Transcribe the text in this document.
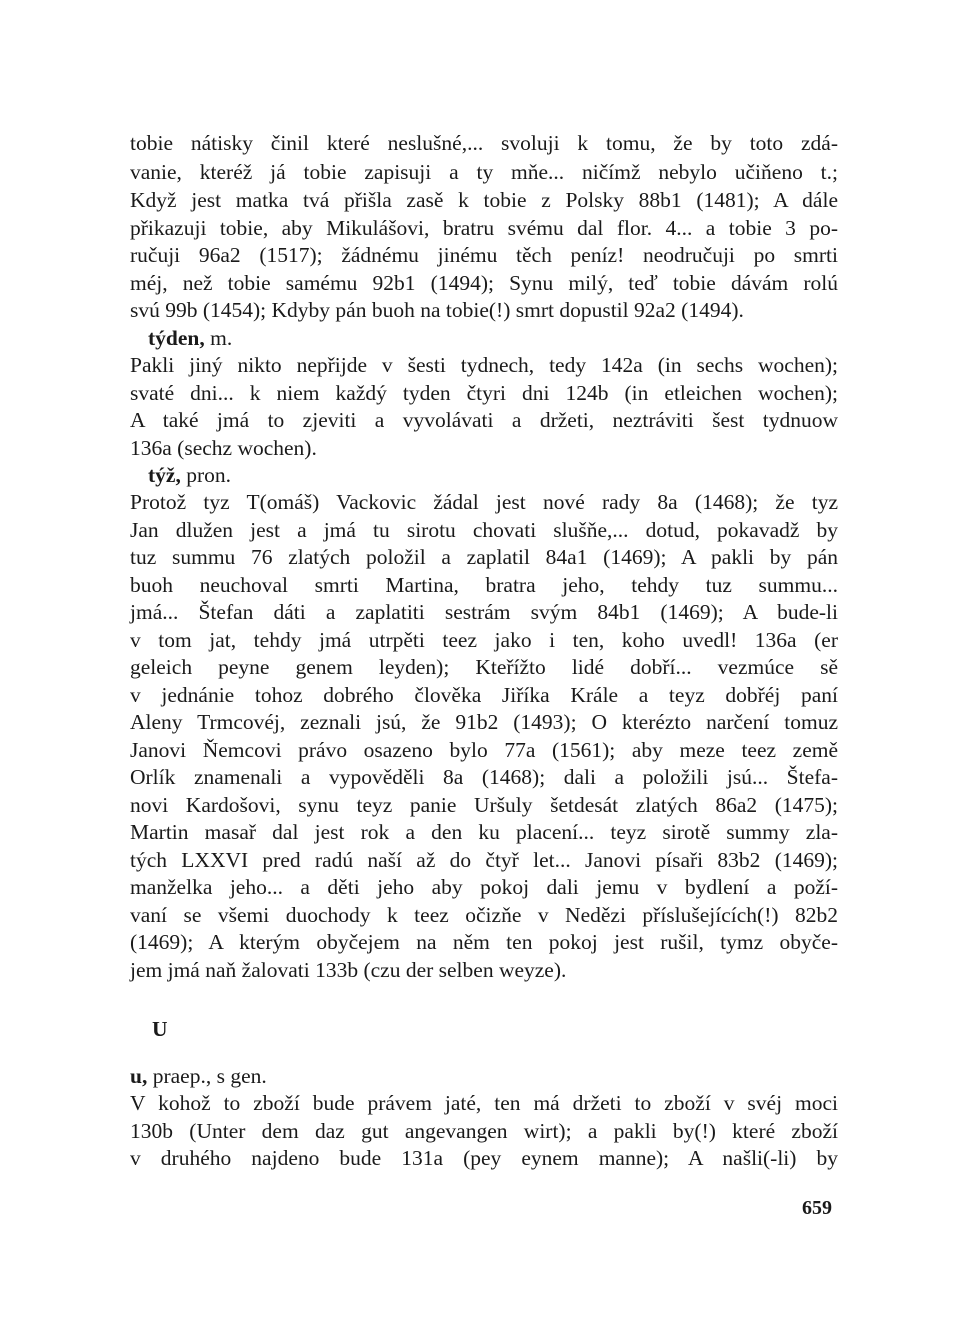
tobie nátisky činil které neslušné,... svoluji k tomu, že by toto zdá-
vanie, kteréž já tobie zapisuji a ty mňe... ničímž nebylo učiňeno t.;
Když jest matka tvá přišla zasě k tobie z Polsky 88b1 (1481); A dále
přikazuji tobie, aby Mikulášovi, bratru svému dal flor. 4... a tobie 3 po-
ručuji 96a2 (1517); žádnému jinému těch peníz! neodručuji po smrti
méj, než tobie samému 92b1 (1494); Synu milý, teď tobie dávám rolú
svú 99b (1454); Kdyby pán buoh na tobie(!) smrt dopustil 92a2 (1494).
týden, m.
Pakli jiný nikto nepřijde v šesti tydnech, tedy 142a (in sechs wochen);
svaté dni... k niem každý tyden čtyri dni 124b (in etleichen wochen);
A také jmá to zjeviti a vyvolávati a držeti, neztráviti šest tydnuow
136a (sechz wochen).
týž, pron.
Protož tyz T(omáš) Vackovic žádal jest nové rady 8a (1468); že tyz
Jan dlužen jest a jmá tu sirotu chovati slušňe,... dotud, pokavadž by
tuz summu 76 zlatých položil a zaplatil 84a1 (1469); A pakli by pán
buoh neuchoval smrti Martina, bratra jeho, tehdy tuz summu...
jmá... Štefan dáti a zaplatiti sestrám svým 84b1 (1469); A bude-li
v tom jat, tehdy jmá utrpěti teez jako i ten, koho uvedl! 136a (er
geleich peyne genem leyden); Kteřížto lidé dobří... vezmúce sě
v jednánie tohoz dobrého člověka Jiříka Krále a teyz dobřéj paní
Aleny Trmcovéj, zeznali jsú, že 91b2 (1493); O kterézto narčení tomuz
Janovi Ňemcovi právo osazeno bylo 77a (1561); aby meze teez země
Orlík znamenali a vypověděli 8a (1468); dali a položili jsú... Štefa-
novi Kardošovi, synu teyz panie Uršuly šetdesát zlatých 86a2 (1475);
Martin masař dal jest rok a den ku placení... teyz sirotě summy zla-
tých LXXVI pred radú naší až do čtyř let... Janovi písaři 83b2 (1469);
manželka jeho... a děti jeho aby pokoj dali jemu v bydlení a poží-
vaní se všemi duochody k teez očizňe v Nedězi příslušejících(!) 82b2
(1469); A kterým obyčejem na něm ten pokoj jest rušil, tymz obyče-
jem jmá naň žalovati 133b (czu der selben weyze).
U
u, praep., s gen.
V kohož to zboží bude právem jaté, ten má držeti to zboží v svéj moci
130b (Unter dem daz gut angevangen wirt); a pakli by(!) které zboží
v druhého najdeno bude 131a (pey eynem manne); A našli(-li) by
659
